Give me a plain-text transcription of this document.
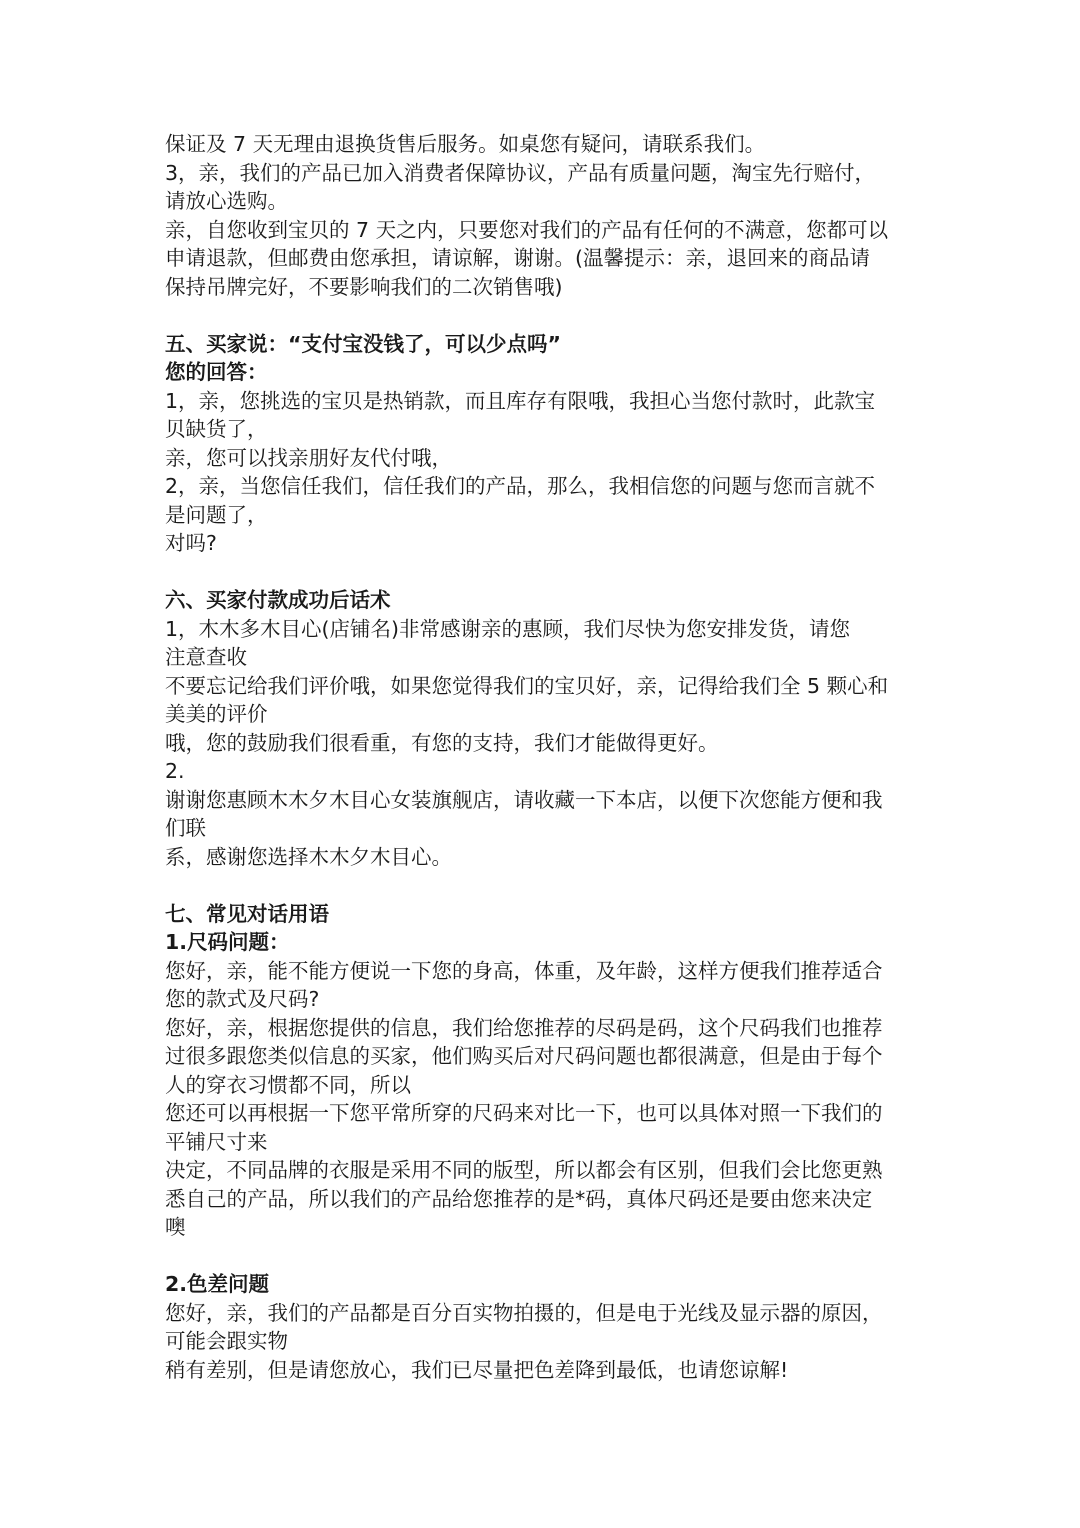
保证及 7 天无理由退换货售后服务。如桌您有疑问，请联系我们。
3，亲，我们的产品已加入消费者保障协议，产品有质量问题，淘宝先行赔付，
请放心选购。
亲，自您收到宝贝的 7 天之内，只要您对我们的产品有任何的不满意，您都可以
申请退款，但邮费由您承担，请谅解，谢谢。(温馨提示：亲，退回来的商品请
保持吊牌完好，不要影响我们的二次销售哦)
五、买家说：“支付宝没钱了，可以少点吗”
您的回答：
1，亲，您挑选的宝贝是热销款，而且库存有限哦，我担心当您付款时，此款宝
贝缺货了，
亲，您可以找亲朋好友代付哦，
2，亲，当您信任我们，信任我们的产品，那么，我相信您的问题与您而言就不
是问题了，
对吗?
六、买家付款成功后话术
1，木木多木目心(店铺名)非常感谢亲的惠顾，我们尽快为您安排发货，请您
注意查收
不要忘记给我们评价哦，如果您觉得我们的宝贝好，亲，记得给我们全 5 颗心和
美美的评价
哦，您的鼓励我们很看重，有您的支持，我们才能做得更好。
2.
谢谢您惠顾木木夕木目心女装旗舰店，请收藏一下本店，以便下次您能方便和我
们联
系，感谢您选择木木夕木目心。
七、常见对话用语
1.尺码问题：
您好，亲，能不能方便说一下您的身高，体重，及年龄，这样方便我们推荐适合
您的款式及尺码?
您好，亲，根据您提供的信息，我们给您推荐的尽码是码，这个尺码我们也推荐
过很多跟您类似信息的买家，他们购买后对尺码问题也都很满意，但是由于每个
人的穿衣习惯都不同，所以
您还可以再根据一下您平常所穿的尺码来对比一下，也可以具体对照一下我们的
平铺尺寸来
决定，不同品牌的衣服是采用不同的版型，所以都会有区别，但我们会比您更熟
悉自己的产品，所以我们的产品给您推荐的是*码，真体尺码还是要由您来决定
噢
2.色差问题
您好，亲，我们的产品都是百分百实物拍摄的，但是电于光线及显示器的原因，
可能会跟实物
稍有差别，但是请您放心，我们已尽量把色差降到最低，也请您谅解!
